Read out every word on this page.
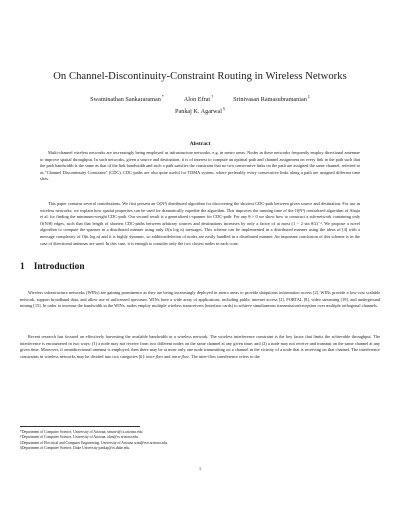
On Channel-Discontinuity-Constraint Routing in Wireless Networks
Swaminathan Sankararaman*	Alon Efrat†	Srinivasan Ramasubramanian‡
Pankaj K. Agarwal§
Abstract

Multi-channel wireless networks are increasingly being employed as infrastructure networks, e.g. in metro areas. Nodes in these networks frequently employ directional antennae to improve spatial throughput. In such networks, given a source and destination, it is of interest to compute an optimal path and channel assignment on every link in the path such that the path bandwidth is the same as that of the link bandwidth and such a path satisfies the constraint that no two consecutive links on the path are assigned the same channel, referred to as "Channel Discontinuity Constraint" (CDC). CDC-paths are also quite useful for TDMA system, where preferably every consecutive links along a path are assigned different time slots.

This paper contains several contributions. We first present an O(N³) distributed algorithm for discovering the shortest CDC-path between given source and destination. For use in wireless networks, we explain how spatial properties can be used for dramatically expedite the algorithm. This improves the running time of the O(N³) centralized algorithm of Ahuja et al. for finding the minimum-weight CDC-path. Our second result is a generalized t-spanner for CDC-path: For any θ > 0 we show how to construct a sub-network containing only O(N/θ) edges, such that that length of shortest CDC-paths between arbitrary sources and destinations increases by only a factor of at most (1 − 2 sin θ/2)⁻². We propose a novel algorithm to compute the spanner in a distributed manner using only O(n log n) messages. This scheme can be implemented in a distributed manner using the ideas of [4] with a message complexity of O(n log n) and it is highly dynamic, so addition/deletion of nodes are easily handled in a distributed manner. An important conclusion of this scheme is in the case of directional antennas are used. In this case, it is enough to consider only the two closest nodes in each cone.

1 Introduction

Wireless infrastructure networks (WINs) are gaining prominence as they are being increasingly deployed in metro areas to provide ubiquitous information access [2]. WINs provide a low-cost scalable network, support broadband data, and allow use of unlicensed spectrum. WINs have a wide array of applications, including public internet access [2], PORTAL [8], video streaming [19], and underground mining [15]. In order to increase the bandwidth in the WINs, nodes employ multiple wireless transceivers (interface cards) to achieve simultaneous transmission/reception over multiple orthogonal channels.

Recent research has focused on effectively harvesting the available bandwidth in a wireless network. The wireless interference constraint is the key factor that limits the achievable throughput. The interference is encountered in two ways: (1) a node may not receive from two different nodes on the same channel at any given time; and (2) a node may not receive and transmit on the same channel at any given time. Moreover, if omnidirectional antenna is employed, then there may be at most only one node transmitting on a channel in the vicinity of a node that is receiving on that channel. The interference constraints in wireless networks may be divided into two categories [6]: inter-flow and intra-flow. The inter-flow interference refers to the

*Department of Computer Science, University of Arizona, smsnvr@cs.arizona.edu.
†Department of Computer Science, University of Arizona, alon@cs.arizona.edu.
‡Department of Electrical and Computer Engineering, University of Arizona srini@ece.arizona.edu.
§Department of Computer Science, Duke University pankaj@cs.duke.edu.
1
